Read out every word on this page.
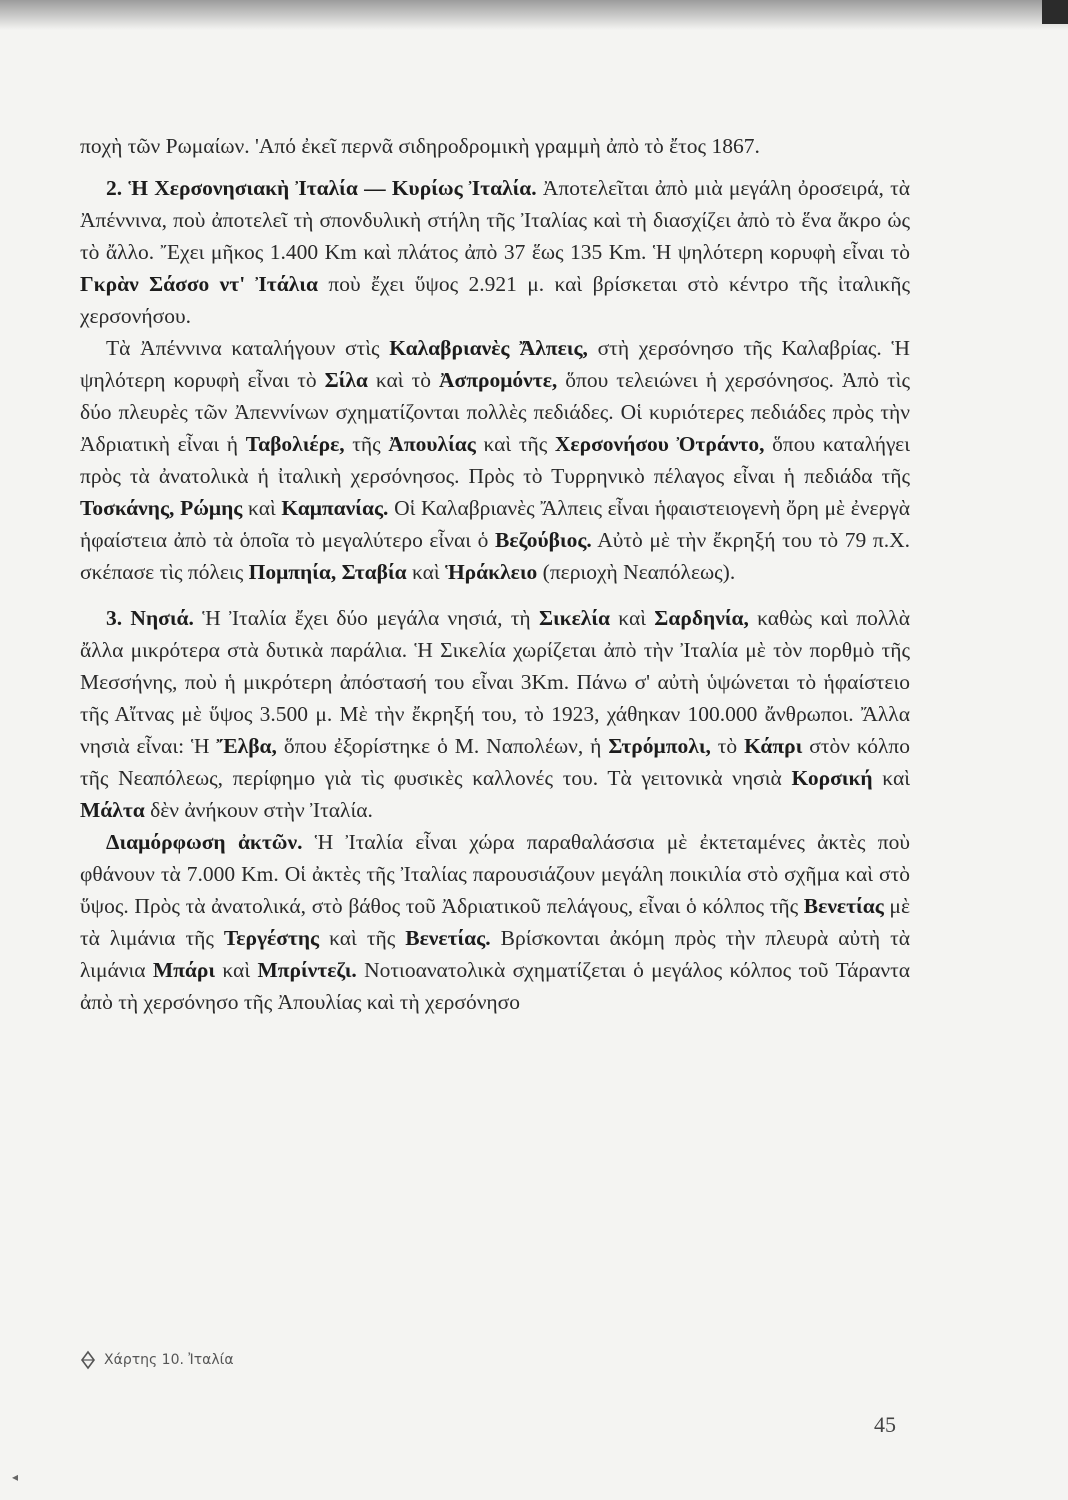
ποχὴ τῶν Ρωμαίων. 'Από ἐκεῖ περνᾶ σιδηροδρομικὴ γραμμὴ ἀπὸ τὸ ἔτος 1867.

2. Ἡ Χερσονησιακὴ Ἰταλία — Κυρίως Ἰταλία. Ἀποτελεῖται ἀπὸ μιὰ μεγάλη ὀροσειρά, τὰ Ἀπέννινα, ποὺ ἀποτελεῖ τὴ σπονδυλικὴ στήλη τῆς Ἰταλίας καὶ τὴ διασχίζει ἀπὸ τὸ ἕνα ἄκρο ὡς τὸ ἄλλο. Ἔχει μῆκος 1.400 Km καὶ πλάτος ἀπὸ 37 ἕως 135 Km. Ἡ ψηλότερη κορυφὴ εἶναι τὸ Γκρὰν Σάσσο ντ' Ἰτάλια ποὺ ἔχει ὕψος 2.921 μ. καὶ βρίσκεται στὸ κέντρο τῆς ἰταλικῆς χερσονήσου.

Τὰ Ἀπέννινα καταλήγουν στὶς Καλαβριανὲς Ἄλπεις, στὴ χερσόνησο τῆς Καλαβρίας. Ἡ ψηλότερη κορυφὴ εἶναι τὸ Σίλα καὶ τὸ Ἀσπρομόντε, ὅπου τελειώνει ἡ χερσόνησος. Ἀπὸ τὶς δύο πλευρὲς τῶν Ἀπεννίνων σχηματίζονται πολλὲς πεδιάδες. Οἱ κυριότερες πεδιάδες πρὸς τὴν Ἀδριατικὴ εἶναι ἡ Ταβολιέρε, τῆς Ἀπουλίας καὶ τῆς Χερσονήσου Ὀτράντο, ὅπου καταλήγει πρὸς τὰ ἀνατολικὰ ἡ ἰταλικὴ χερσόνησος. Πρὸς τὸ Τυρρηνικὸ πέλαγος εἶναι ἡ πεδιάδα τῆς Τοσκάνης, Ρώμης καὶ Καμπανίας. Οἱ Καλαβριανὲς Ἄλπεις εἶναι ἡφαιστειογενὴ ὄρη μὲ ἐνεργὰ ἡφαίστεια ἀπὸ τὰ ὁποῖα τὸ μεγαλύτερο εἶναι ὁ Βεζούβιος. Αὐτὸ μὲ τὴν ἔκρηξή του τὸ 79 π.Χ. σκέπασε τὶς πόλεις Πομπηία, Σταβία καὶ Ἡράκλειο (περιοχὴ Νεαπόλεως).

3. Νησιά. Ἡ Ἰταλία ἔχει δύο μεγάλα νησιά, τὴ Σικελία καὶ Σαρδηνία, καθὼς καὶ πολλὰ ἄλλα μικρότερα στὰ δυτικὰ παράλια. Ἡ Σικελία χωρίζεται ἀπὸ τὴν Ἰταλία μὲ τὸν πορθμὸ τῆς Μεσσήνης, ποὺ ἡ μικρότερη ἀπόστασή του εἶναι 3Km. Πάνω σ' αὐτὴ ὑψώνεται τὸ ἡφαίστειο τῆς Αἴτνας μὲ ὕψος 3.500 μ. Μὲ τὴν ἔκρηξή του, τὸ 1923, χάθηκαν 100.000 ἄνθρωποι. Ἄλλα νησιὰ εἶναι: Ἡ Ἔλβα, ὅπου ἐξορίστηκε ὁ Μ. Ναπολέων, ἡ Στρόμπολι, τὸ Κάπρι στὸν κόλπο τῆς Νεαπόλεως, περίφημο γιὰ τὶς φυσικὲς καλλονές του. Τὰ γειτονικὰ νησιὰ Κορσική καὶ Μάλτα δὲν ἀνήκουν στὴν Ἰταλία.

Διαμόρφωση ἀκτῶν. Ἡ Ἰταλία εἶναι χώρα παραθαλάσσια μὲ ἐκτεταμένες ἀκτὲς ποὺ φθάνουν τὰ 7.000 Km. Οἱ ἀκτὲς τῆς Ἰταλίας παρουσιάζουν μεγάλη ποικιλία στὸ σχῆμα καὶ στὸ ὕψος. Πρὸς τὰ ἀνατολικά, στὸ βάθος τοῦ Ἀδριατικοῦ πελάγους, εἶναι ὁ κόλπος τῆς Βενετίας μὲ τὰ λιμάνια τῆς Τεργέστης καὶ τῆς Βενετίας. Βρίσκονται ἀκόμη πρὸς τὴν πλευρὰ αὐτὴ τὰ λιμάνια Μπάρι καὶ Μπρίντεζι. Νοτιοανατολικὰ σχηματίζεται ὁ μεγάλος κόλπος τοῦ Τάραντα ἀπὸ τὴ χερσόνησο τῆς Ἀπουλίας καὶ τὴ χερσόνησο

Χάρτης 10. Ἰταλία
45
◂
